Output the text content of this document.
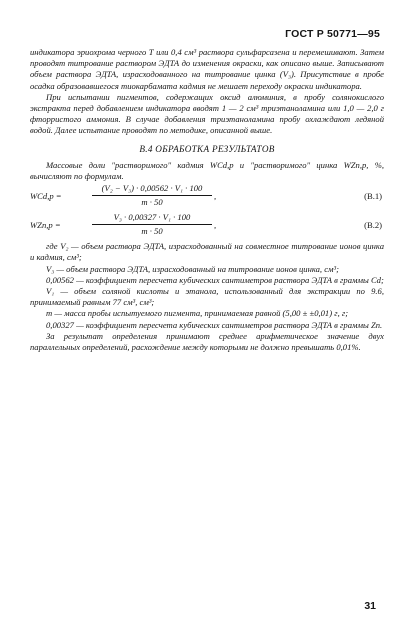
ГОСТ Р 50771—95

индикатора эриохрома черного Т или 0,4 см³ раствора сульфарсазена и перемешивают. Затем проводят титрование раствором ЭДТА до изменения окраски, как описано выше. Записывают объем раствора ЭДТА, израсходованного на титрование цинка (V₃). Присутствие в пробе осадка образовавшегося тиокарбамата кадмия не мешает переходу окраски индикатора.

При испытании пигментов, содержащих оксид алюминия, в пробу солянокислого экстракта перед добавлением индикатора вводят 1 — 2 см³ триэтаноламина или 1,0 — 2,0 г фторристого аммония. В случае добавления триэтаноламина пробу охлаждают ледяной водой. Далее испытание проводят по методике, описанной выше.

В.4 ОБРАБОТКА РЕЗУЛЬТАТОВ

Массовые доли "растворимого" кадмия WCd,р и "растворимого" цинка WZn,р, %, вычисляют по формулам.

WCd,р =	$\frac{\text{(V₂ − V₃) · 0,00562 · V₁ · 100}}{m \cdot 50}$ ,	(В.1)
WZn,р =	$\frac{\text{V₃ · 0,00327 · V₁ · 100}}{m \cdot 50}$ ,	(В.2)

где V₂ — объем раствора ЭДТА, израсходованный на совместное титрование ионов цинка и кадмия, см³;

V₃ — объем раствора ЭДТА, израсходованный на титрование ионов цинка, см³;

0,00562 — коэффициент пересчета кубических сантиметров раствора ЭДТА в граммы Cd;

V₁ — объем соляной кислоты и этанола, использованный для экстракции по 9.6, принимаемый равным 77 см³, см³;

m — масса пробы испытуемого пигмента, принимаемая равной (5,00 ± ±0,01) г, г;

0,00327 — коэффициент пересчета кубических сантиметров раствора ЭДТА в граммы Zn.

За результат определения принимают среднее арифметическое значение двух параллельных определений, расхождение между которыми не должно превышать 0,01%.

31
